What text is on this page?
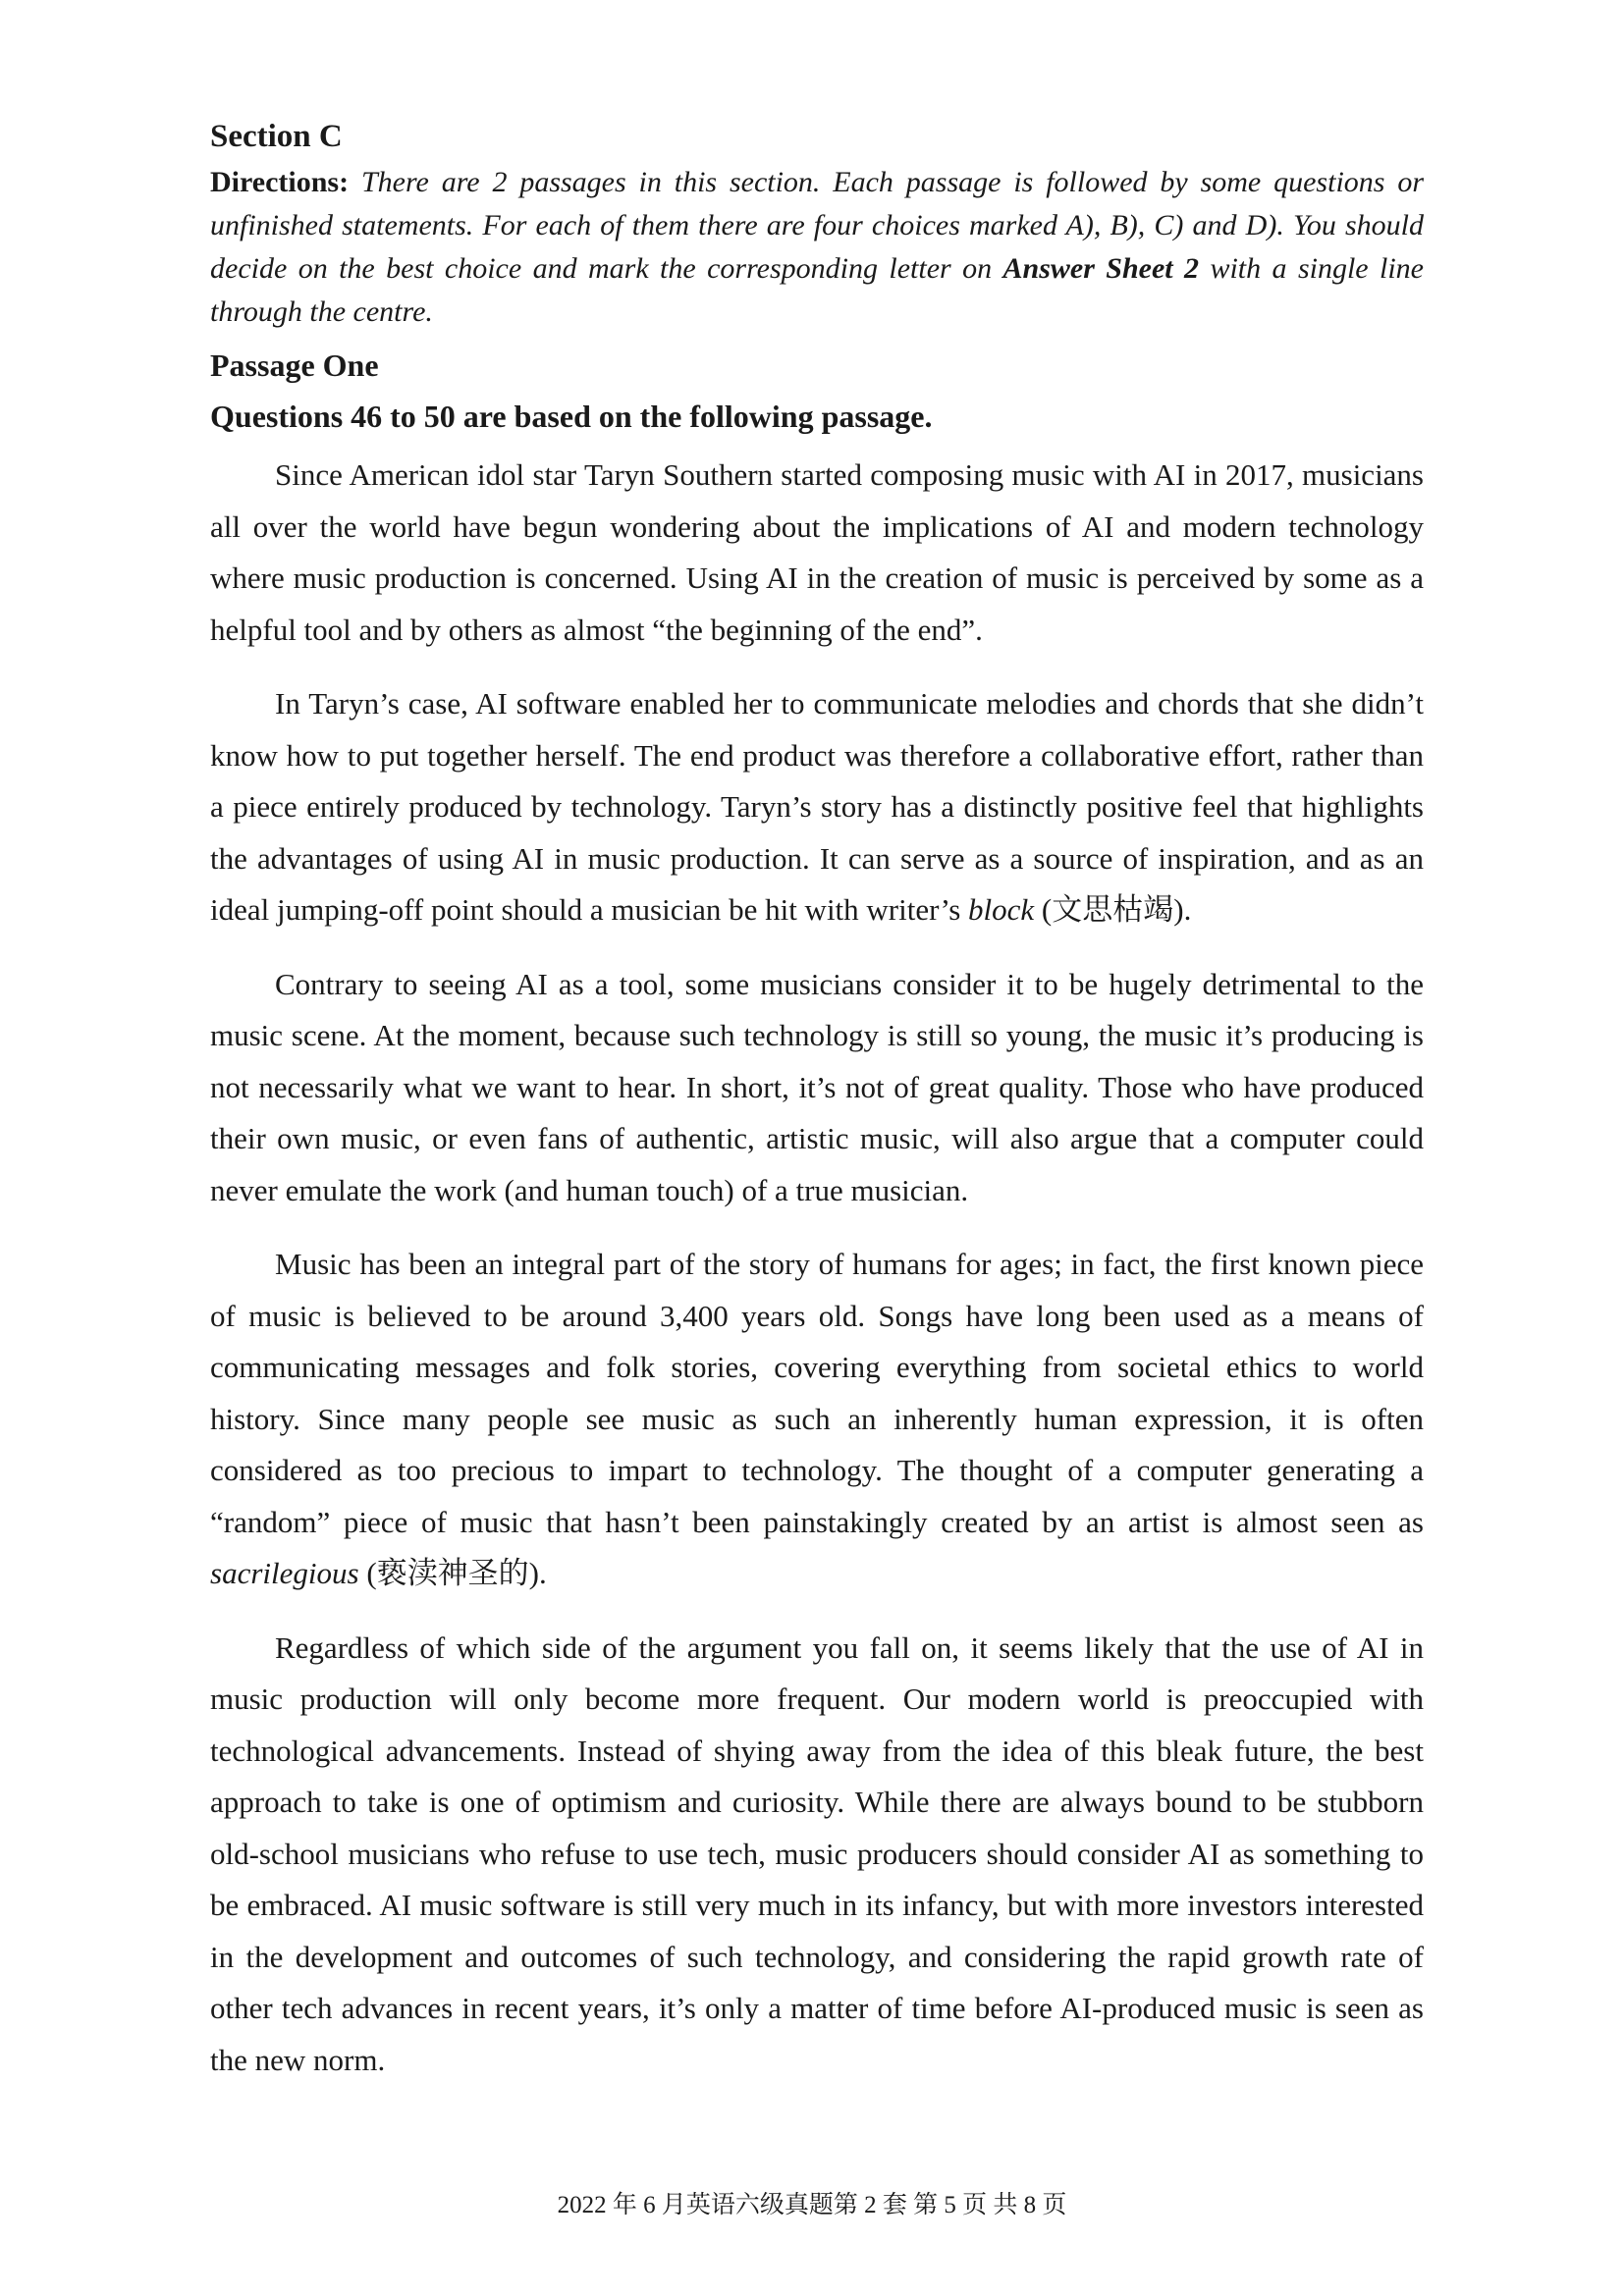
Section C

Directions: There are 2 passages in this section. Each passage is followed by some questions or unfinished statements. For each of them there are four choices marked A), B), C) and D). You should decide on the best choice and mark the corresponding letter on Answer Sheet 2 with a single line through the centre.

Passage One

Questions 46 to 50 are based on the following passage.

Since American idol star Taryn Southern started composing music with AI in 2017, musicians all over the world have begun wondering about the implications of AI and modern technology where music production is concerned. Using AI in the creation of music is perceived by some as a helpful tool and by others as almost “the beginning of the end”.

In Taryn’s case, AI software enabled her to communicate melodies and chords that she didn’t know how to put together herself. The end product was therefore a collaborative effort, rather than a piece entirely produced by technology. Taryn’s story has a distinctly positive feel that highlights the advantages of using AI in music production. It can serve as a source of inspiration, and as an ideal jumping-off point should a musician be hit with writer’s block (文思枯竭).

Contrary to seeing AI as a tool, some musicians consider it to be hugely detrimental to the music scene. At the moment, because such technology is still so young, the music it’s producing is not necessarily what we want to hear. In short, it’s not of great quality. Those who have produced their own music, or even fans of authentic, artistic music, will also argue that a computer could never emulate the work (and human touch) of a true musician.

Music has been an integral part of the story of humans for ages; in fact, the first known piece of music is believed to be around 3,400 years old. Songs have long been used as a means of communicating messages and folk stories, covering everything from societal ethics to world history. Since many people see music as such an inherently human expression, it is often considered as too precious to impart to technology. The thought of a computer generating a “random” piece of music that hasn’t been painstakingly created by an artist is almost seen as sacrilegious (亵渎神圣的).

Regardless of which side of the argument you fall on, it seems likely that the use of AI in music production will only become more frequent. Our modern world is preoccupied with technological advancements. Instead of shying away from the idea of this bleak future, the best approach to take is one of optimism and curiosity. While there are always bound to be stubborn old-school musicians who refuse to use tech, music producers should consider AI as something to be embraced. AI music software is still very much in its infancy, but with more investors interested in the development and outcomes of such technology, and considering the rapid growth rate of other tech advances in recent years, it’s only a matter of time before AI-produced music is seen as the new norm.

2022 年 6 月英语六级真题第 2 套 第 5 页 共 8 页
